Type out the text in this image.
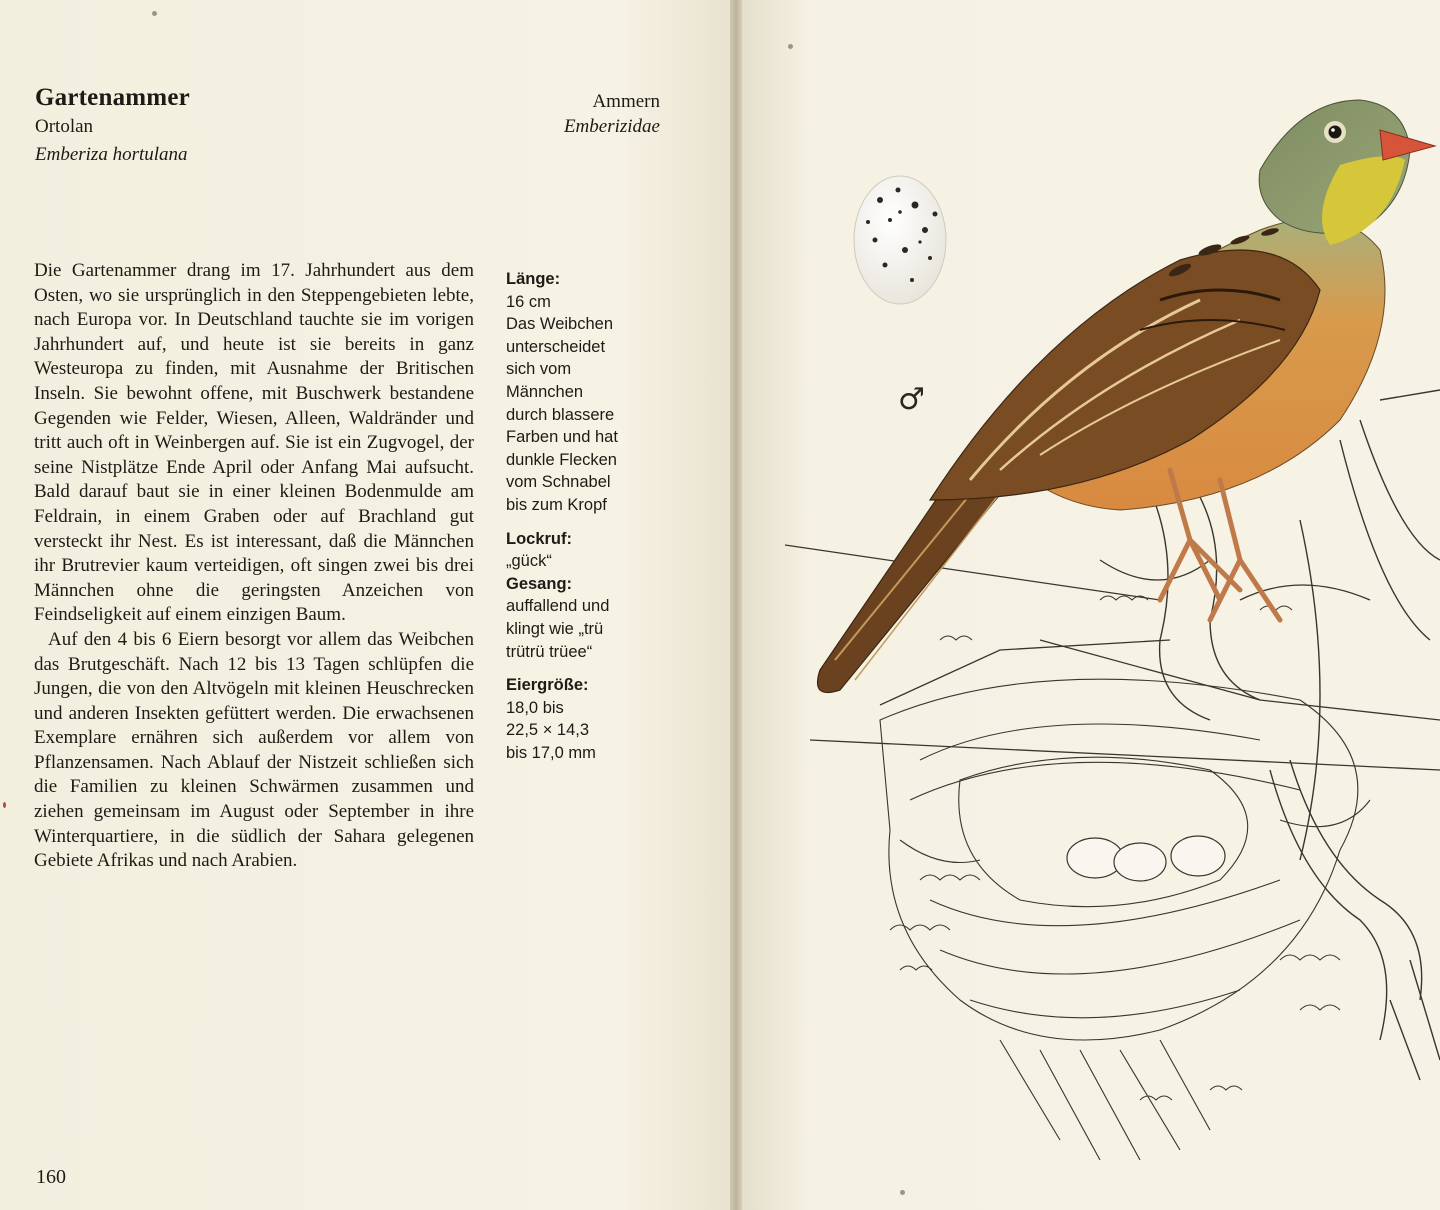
Gartenammer
Ortolan
Emberiza hortulana
Ammern
Emberizidae

Die Gartenammer drang im 17. Jahrhundert aus dem Osten, wo sie ursprünglich in den Steppengebieten lebte, nach Europa vor. In Deutschland tauchte sie im vorigen Jahrhundert auf, und heute ist sie bereits in ganz Westeuropa zu finden, mit Ausnahme der Britischen Inseln. Sie bewohnt offene, mit Buschwerk bestandene Gegenden wie Felder, Wiesen, Alleen, Waldränder und tritt auch oft in Weinbergen auf. Sie ist ein Zugvogel, der seine Nistplätze Ende April oder Anfang Mai aufsucht. Bald darauf baut sie in einer kleinen Bodenmulde am Feldrain, in einem Graben oder auf Brachland gut versteckt ihr Nest. Es ist interessant, daß die Männchen ihr Brutrevier kaum verteidigen, oft singen zwei bis drei Männchen ohne die geringsten Anzeichen von Feindseligkeit auf einem einzigen Baum.

Auf den 4 bis 6 Eiern besorgt vor allem das Weibchen das Brutgeschäft. Nach 12 bis 13 Tagen schlüpfen die Jungen, die von den Altvögeln mit kleinen Heuschrecken und anderen Insekten gefüttert werden. Die erwachsenen Exemplare ernähren sich außerdem vor allem von Pflanzensamen. Nach Ablauf der Nistzeit schließen sich die Familien zu kleinen Schwärmen zusammen und ziehen gemeinsam im August oder September in ihre Winterquartiere, in die südlich der Sahara gelegenen Gebiete Afrikas und nach Arabien.

Länge:
16 cm
Das Weibchen
unterscheidet
sich vom
Männchen
durch blassere
Farben und hat
dunkle Flecken
vom Schnabel
bis zum Kropf
Lockruf:
„gück“
Gesang:
auffallend und
klingt wie „trü
trütrü trüee“
Eiergröße:
18,0 bis
22,5 × 14,3
bis 17,0 mm
160
♂
